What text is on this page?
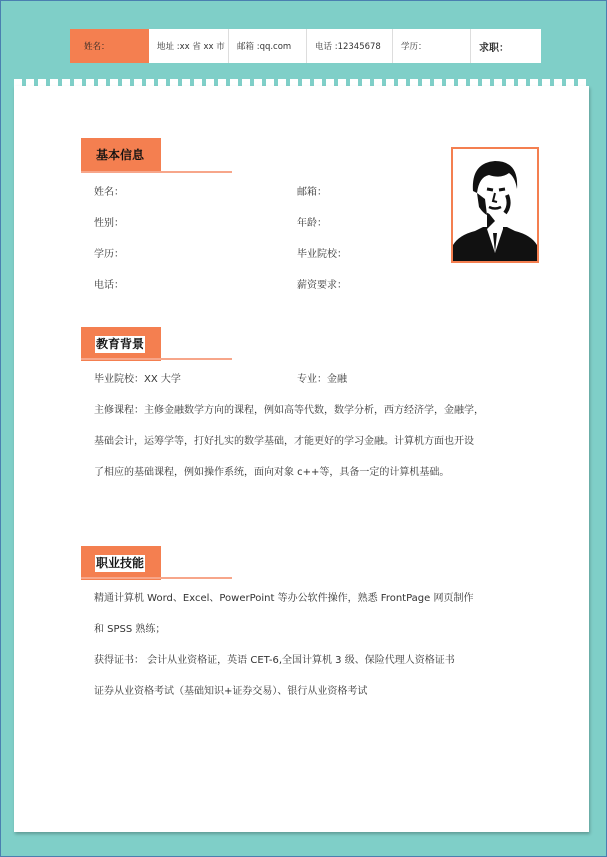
姓名：	地址 :xx 省 xx 市	邮箱 :qq.com	电话 :12345678	学历：	求职：
基本信息
姓名：	邮箱：
性别：	年龄：
学历：	毕业院校：
电话：	薪资要求：
教育背景
毕业院校：XX 大学	专业：金融
主修课程：主修金融数学方向的课程，例如高等代数，数学分析，西方经济学，金融学，
基础会计，运筹学等，打好扎实的数学基础，才能更好的学习金融。计算机方面也开设
了相应的基础课程，例如操作系统，面向对象 c++等，具备一定的计算机基础。
职业技能
精通计算机 Word、Excel、PowerPoint 等办公软件操作，熟悉 FrontPage 网页制作
和 SPSS 熟练；
获得证书： 会计从业资格证，英语 CET-6,全国计算机 3 级、保险代理人资格证书
证券从业资格考试（基础知识+证券交易）、银行从业资格考试
